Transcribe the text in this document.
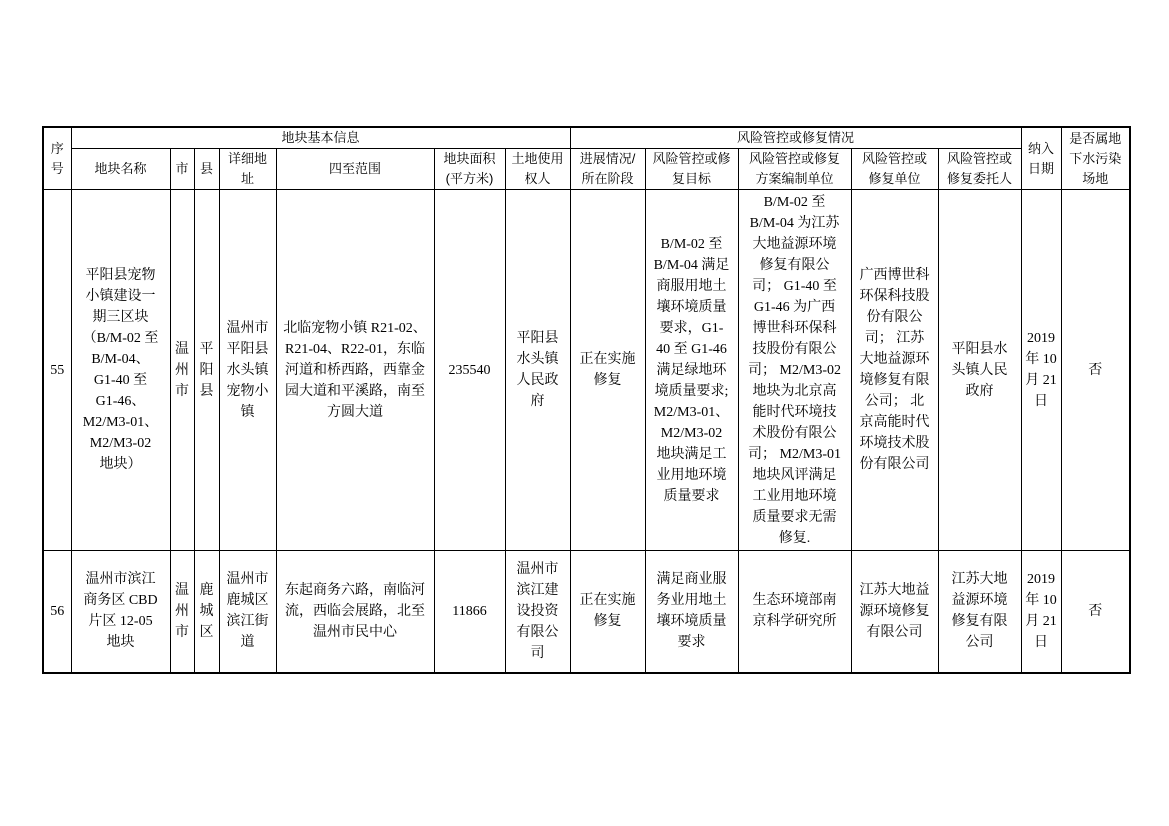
序号	地块基本信息							风险管控或修复情况					纳入日期	是否属地下水污染场地
	地块名称	市	县	详细地址	四至范围	地块面积(平方米)	土地使用权人	进展情况/所在阶段	风险管控或修复目标	风险管控或修复方案编制单位	风险管控或修复单位	风险管控或修复委托人		
55	平阳县宠物小镇建设一期三区块（B/M-02 至 B/M-04、G1-40 至 G1-46、M2/M3-01、M2/M3-02 地块）	温州市	平阳县	温州市平阳县水头镇宠物小镇	北临宠物小镇 R21-02、R21-04、R22-01，东临河道和桥西路，西靠金园大道和平溪路，南至方圆大道	235540	平阳县水头镇人民政府	正在实施修复	B/M-02 至 B/M-04 满足商服用地土壤环境质量要求，G1-40 至 G1-46 满足绿地环境质量要求; M2/M3-01、M2/M3-02 地块满足工业用地环境质量要求	B/M-02 至 B/M-04 为江苏大地益源环境修复有限公司； G1-40 至 G1-46 为广西博世科环保科技股份有限公司； M2/M3-02 地块为北京高能时代环境技术股份有限公司； M2/M3-01 地块风评满足工业用地环境质量要求无需修复.	广西博世科环保科技股份有限公司； 江苏大地益源环境修复有限公司； 北京高能时代环境技术股份有限公司	平阳县水头镇人民政府	2019 年 10 月 21 日	否
56	温州市滨江商务区 CBD 片区 12-05 地块	温州市	鹿城区	温州市鹿城区滨江街道	东起商务六路，南临河流，西临会展路，北至温州市民中心	11866	温州市滨江建设投资有限公司	正在实施修复	满足商业服务业用地土壤环境质量要求	生态环境部南京科学研究所	江苏大地益源环境修复有限公司	江苏大地益源环境修复有限公司	2019 年 10 月 21 日	否
